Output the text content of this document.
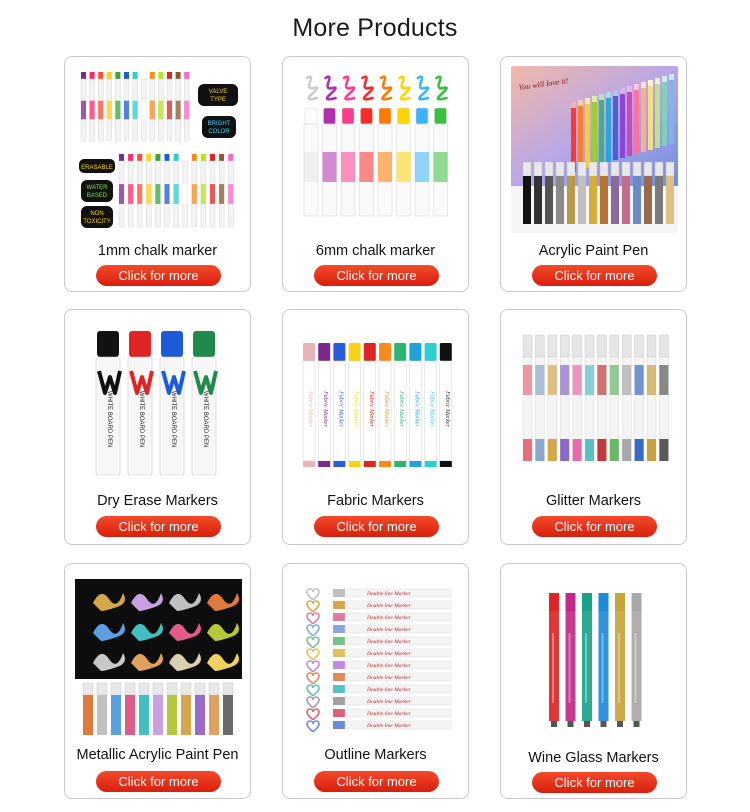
More Products
VALVE
TYPE
BRIGHT
COLOR
ERASABLE
WATER
BASED
NON
TOXICITY
1mm chalk marker
Click for more
6mm chalk marker
Click for more
You will love it!
Acrylic Paint Pen
Click for more
WHITE BOARD PEN	WHITE BOARD PEN	WHITE BOARD PEN	WHITE BOARD PEN
Dry Erase Markers
Click for more
Fabric Marker Fabric Marker Fabric Marker Fabric Marker Fabric Marker Fabric Marker Fabric Marker Fabric Marker Fabric Marker Fabric Marker
Fabric Markers
Click for more
Glitter Markers
Click for more
Metallic Acrylic Paint Pen
Click for more
Double line Marker
Double line Marker
Double line Marker
Double line Marker
Double line Marker
Double line Marker
Double line Marker
Double line Marker
Double line Marker
Double line Marker
Double line Marker
Double line Marker
Outline Markers
Click for more
Wine Glass Markers
Click for more
